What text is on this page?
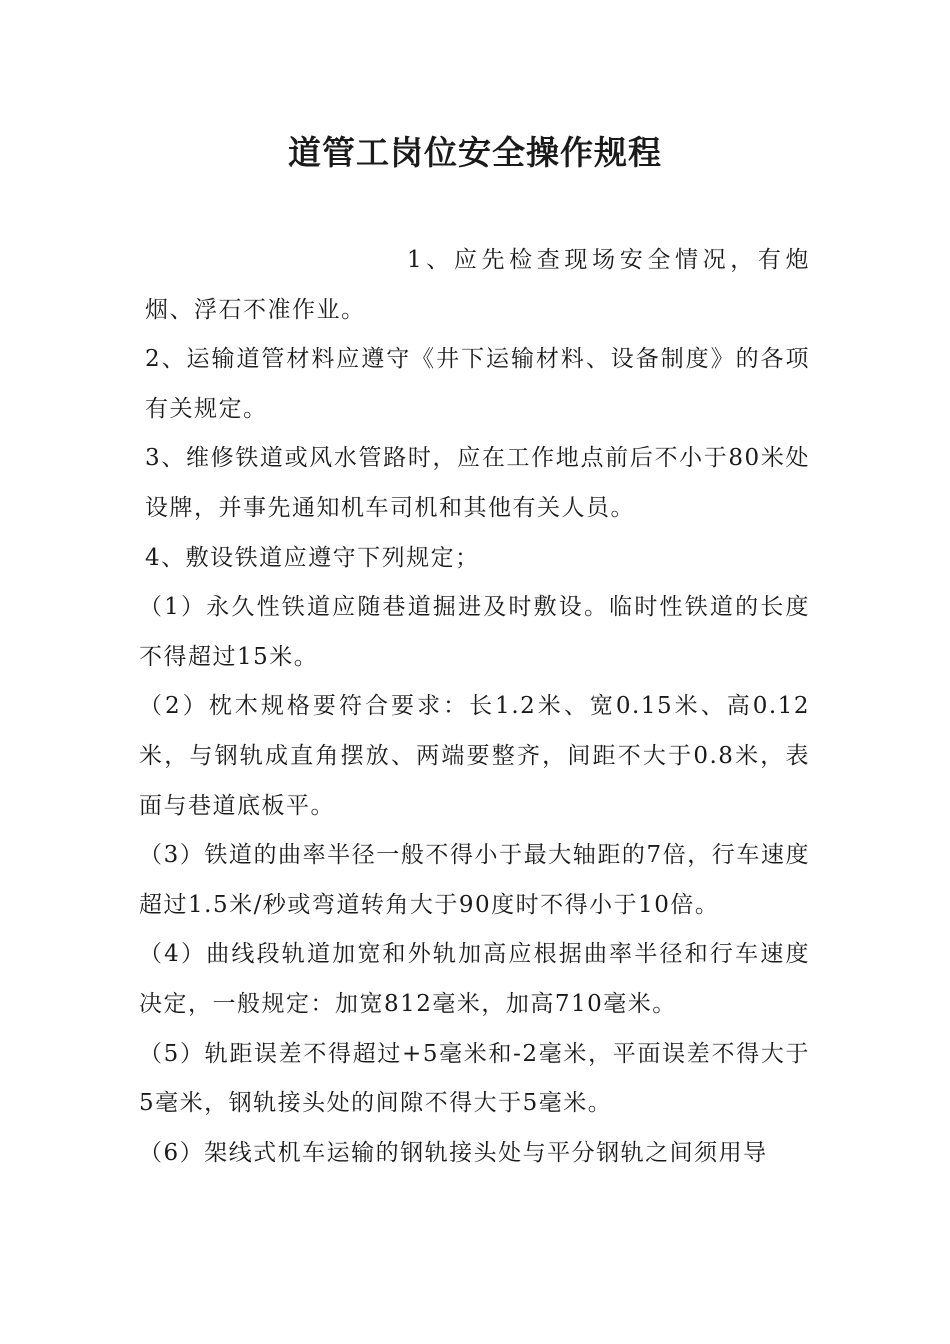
道管工岗位安全操作规程

1、应先检查现场安全情况，有炮烟、浮石不准作业。

2、运输道管材料应遵守《井下运输材料、设备制度》的各项有关规定。

3、维修铁道或风水管路时，应在工作地点前后不小于80米处设牌，并事先通知机车司机和其他有关人员。

4、敷设铁道应遵守下列规定；

（1）永久性铁道应随巷道掘进及时敷设。临时性铁道的长度不得超过15米。

（2）枕木规格要符合要求：长1.2米、宽0.15米、高0.12米，与钢轨成直角摆放、两端要整齐，间距不大于0.8米，表面与巷道底板平。

（3）铁道的曲率半径一般不得小于最大轴距的7倍，行车速度超过1.5米/秒或弯道转角大于90度时不得小于10倍。

（4）曲线段轨道加宽和外轨加高应根据曲率半径和行车速度决定，一般规定：加宽812毫米，加高710毫米。

（5）轨距误差不得超过+5毫米和-2毫米，平面误差不得大于5毫米，钢轨接头处的间隙不得大于5毫米。

（6）架线式机车运输的钢轨接头处与平分钢轨之间须用导
